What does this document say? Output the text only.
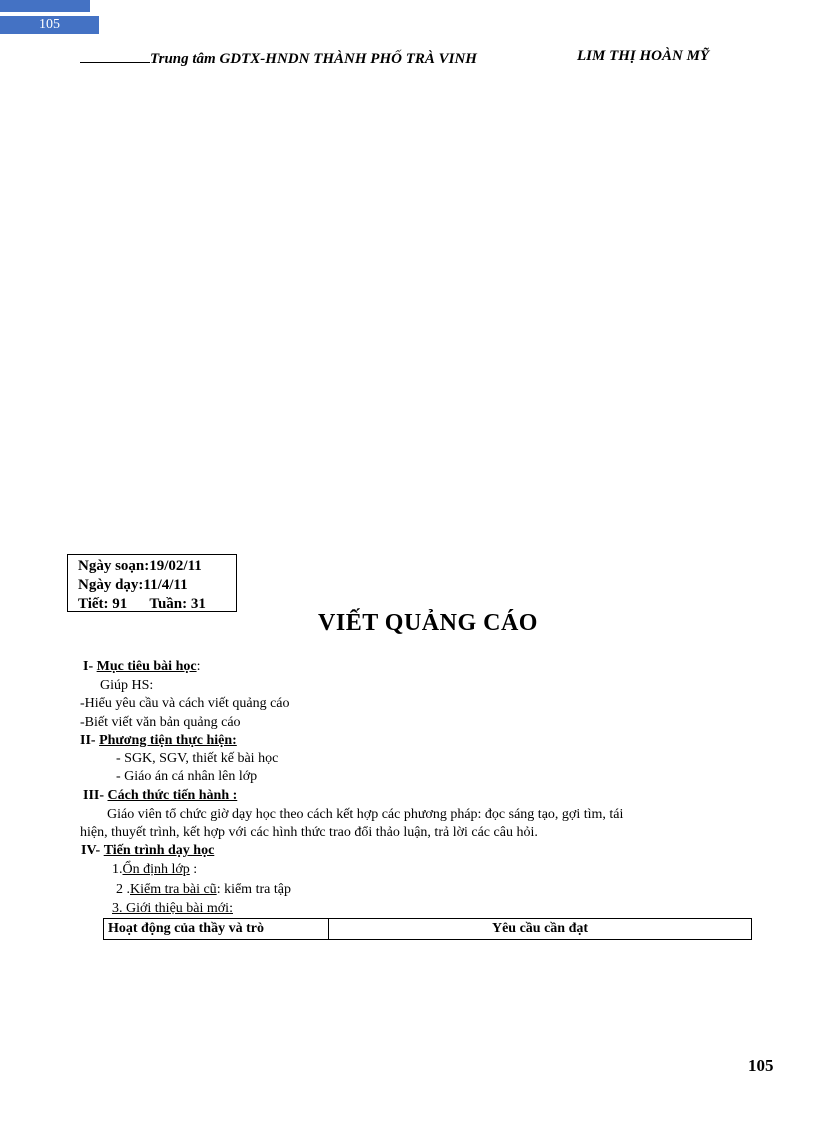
105
Trung tâm GDTX-HNDN THÀNH PHỐ TRÀ VINH	LIM THỊ HOÀN MỸ
Ngày soạn:19/02/11
Ngày dạy:11/4/11
Tiết: 91 Tuần: 31
VIẾT QUẢNG CÁO
I- Mục tiêu bài học:
Giúp HS:
-Hiểu yêu cầu và cách viết quảng cáo
-Biết viết văn bản quảng cáo
II- Phương tiện thực hiện:
- SGK, SGV, thiết kế bài học
- Giáo án cá nhân lên lớp
III- Cách thức tiến hành :
Giáo viên tổ chức giờ dạy học theo cách kết hợp các phương pháp: đọc sáng tạo, gợi tìm, tái
hiện, thuyết trình, kết hợp với các hình thức trao đổi thảo luận, trả lời các câu hỏi.
IV- Tiến trình dạy học
1.Ổn định lớp :
2 .Kiểm tra bài cũ: kiểm tra tập
3. Giới thiệu bài mới:
Hoạt động của thầy và trò	Yêu cầu cần đạt
105
